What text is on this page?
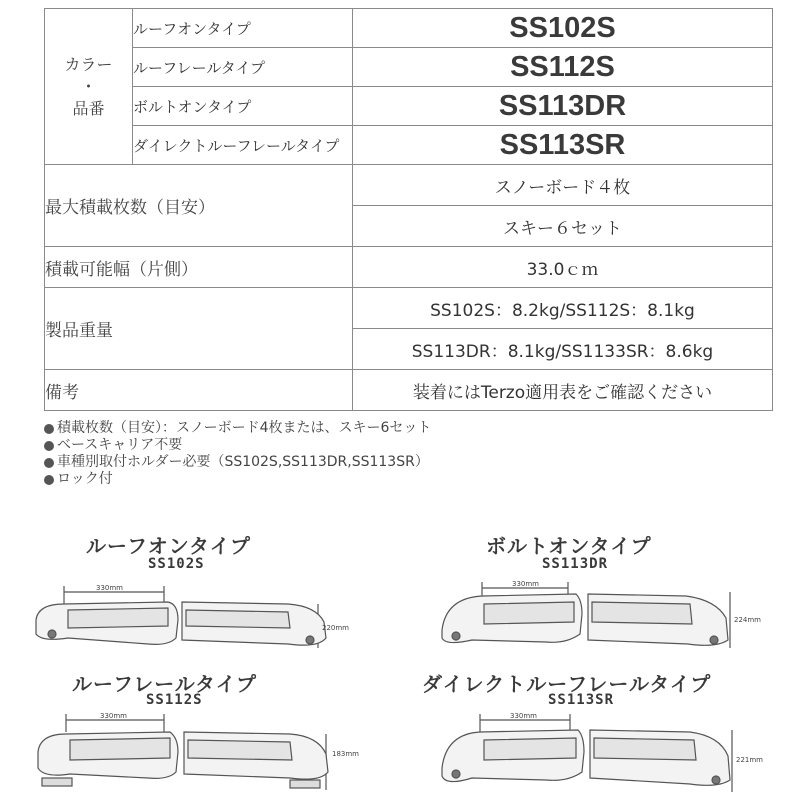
カラー
・
品番	ルーフオンタイプ	SS102S
	ルーフレールタイプ	SS112S
	ボルトオンタイプ	SS113DR
	ダイレクトルーフレールタイプ	SS113SR
最大積載枚数（目安）		スノーボード４枚
		スキー６セット
積載可能幅（片側）		33.0ｃｍ
製品重量		SS102S：8.2kg/SS112S：8.1kg
		SS113DR：8.1kg/SS1133SR：8.6kg
備考		装着にはTerzo適用表をご確認ください
積載枚数（目安）：スノーボード4枚または、スキー6セット
ベースキャリア不要
車種別取付ホルダー必要（SS102S,SS113DR,SS113SR）
ロック付
ルーフオンタイプ
SS102S
330mm
220mm
ボルトオンタイプ
SS113DR
330mm
224mm
ルーフレールタイプ
SS112S
330mm
183mm
ダイレクトルーフレールタイプ
SS113SR
330mm
221mm
